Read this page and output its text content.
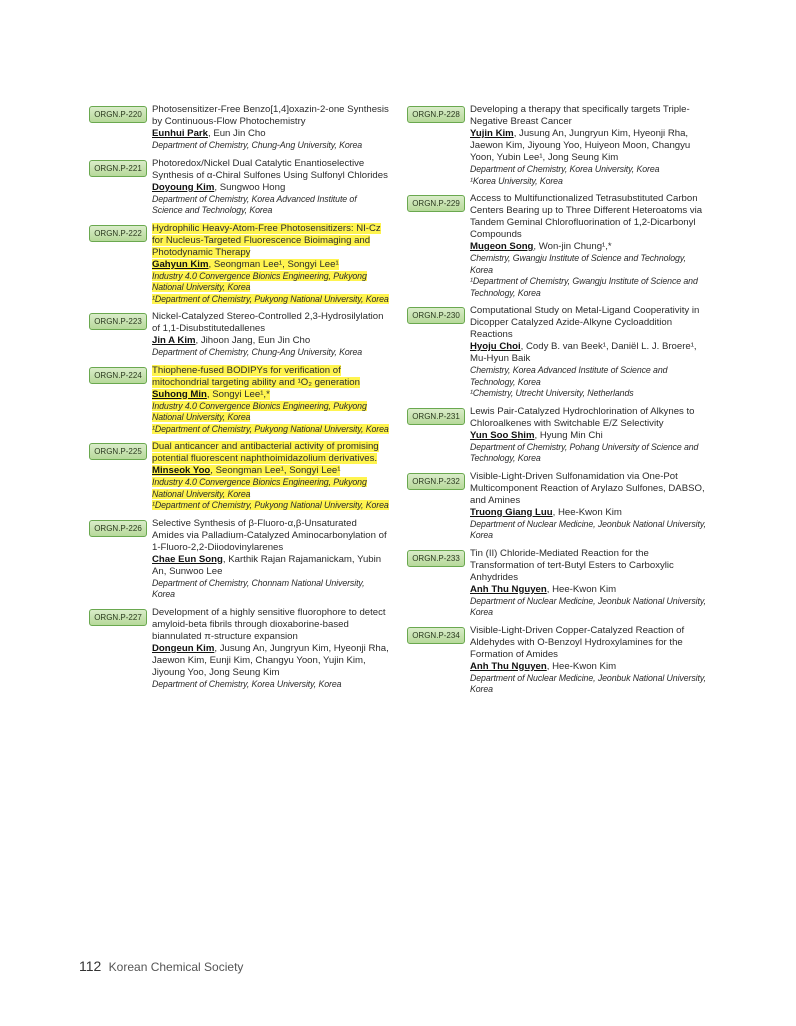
ORGN.P-220	Photosensitizer-Free Benzo[1,4]oxazin-2-one Synthesis by Continuous-Flow Photochemistry
Eunhui Park, Eun Jin Cho
Department of Chemistry, Chung-Ang University, Korea
ORGN.P-221	Photoredox/Nickel Dual Catalytic Enantioselective Synthesis of α-Chiral Sulfones Using Sulfonyl Chlorides
Doyoung Kim, Sungwoo Hong
Department of Chemistry, Korea Advanced Institute of Science and Technology, Korea
ORGN.P-222	Hydrophilic Heavy-Atom-Free Photosensitizers: NI-Cz for Nucleus-Targeted Fluorescence Bioimaging and Photodynamic Therapy
Gahyun Kim, Seongman Lee¹, Songyi Lee¹
Industry 4.0 Convergence Bionics Engineering, Pukyong National University, Korea
¹Department of Chemistry, Pukyong National University, Korea
ORGN.P-223	Nickel-Catalyzed Stereo-Controlled 2,3-Hydrosilylation of 1,1-Disubstitutedallenes
Jin A Kim, Jihoon Jang, Eun Jin Cho
Department of Chemistry, Chung-Ang University, Korea
ORGN.P-224	Thiophene-fused BODIPYs for verification of mitochondrial targeting ability and ¹O₂ generation
Suhong Min, Songyi Lee¹,*
Industry 4.0 Convergence Bionics Engineering, Pukyong National University, Korea
¹Department of Chemistry, Pukyong National University, Korea
ORGN.P-225	Dual anticancer and antibacterial activity of promising potential fluorescent naphthoimidazolium derivatives.
Minseok Yoo, Seongman Lee¹, Songyi Lee¹
Industry 4.0 Convergence Bionics Engineering, Pukyong National University, Korea
¹Department of Chemistry, Pukyong National University, Korea
ORGN.P-226	Selective Synthesis of β-Fluoro-α,β-Unsaturated Amides via Palladium-Catalyzed Aminocarbonylation of 1-Fluoro-2,2-Diiodovinylarenes
Chae Eun Song, Karthik Rajan Rajamanickam, Yubin An, Sunwoo Lee
Department of Chemistry, Chonnam National University, Korea
ORGN.P-227	Development of a highly sensitive fluorophore to detect amyloid-beta fibrils through dioxaborine-based biannulated π-structure expansion
Dongeun Kim, Jusung An, Jungryun Kim, Hyeonji Rha, Jaewon Kim, Eunji Kim, Changyu Yoon, Yujin Kim, Jiyoung Yoo, Jong Seung Kim
Department of Chemistry, Korea University, Korea
ORGN.P-228	Developing a therapy that specifically targets Triple-Negative Breast Cancer
Yujin Kim, Jusung An, Jungryun Kim, Hyeonji Rha, Jaewon Kim, Jiyoung Yoo, Huiyeon Moon, Changyu Yoon, Yubin Lee¹, Jong Seung Kim
Department of Chemistry, Korea University, Korea
¹Korea University, Korea
ORGN.P-229	Access to Multifunctionalized Tetrasubstituted Carbon Centers Bearing up to Three Different Heteroatoms via Tandem Geminal Chlorofluorination of 1,2-Dicarbonyl Compounds
Mugeon Song, Won-jin Chung¹,*
Chemistry, Gwangju Institute of Science and Technology, Korea
¹Department of Chemistry, Gwangju Institute of Science and Technology, Korea
ORGN.P-230	Computational Study on Metal-Ligand Cooperativity in Dicopper Catalyzed Azide-Alkyne Cycloaddition Reactions
Hyoju Choi, Cody B. van Beek¹, Daniël L. J. Broere¹, Mu-Hyun Baik
Chemistry, Korea Advanced Institute of Science and Technology, Korea
¹Chemistry, Utrecht University, Netherlands
ORGN.P-231	Lewis Pair-Catalyzed Hydrochlorination of Alkynes to Chloroalkenes with Switchable E/Z Selectivity
Yun Soo Shim, Hyung Min Chi
Department of Chemistry, Pohang University of Science and Technology, Korea
ORGN.P-232	Visible-Light-Driven Sulfonamidation via One-Pot Multicomponent Reaction of Arylazo Sulfones, DABSO, and Amines
Truong Giang Luu, Hee-Kwon Kim
Department of Nuclear Medicine, Jeonbuk National University, Korea
ORGN.P-233	Tin (II) Chloride-Mediated Reaction for the Transformation of tert-Butyl Esters to Carboxylic Anhydrides
Anh Thu Nguyen, Hee-Kwon Kim
Department of Nuclear Medicine, Jeonbuk National University, Korea
ORGN.P-234	Visible-Light-Driven Copper-Catalyzed Reaction of Aldehydes with O-Benzoyl Hydroxylamines for the Formation of Amides
Anh Thu Nguyen, Hee-Kwon Kim
Department of Nuclear Medicine, Jeonbuk National University, Korea
112 Korean Chemical Society
